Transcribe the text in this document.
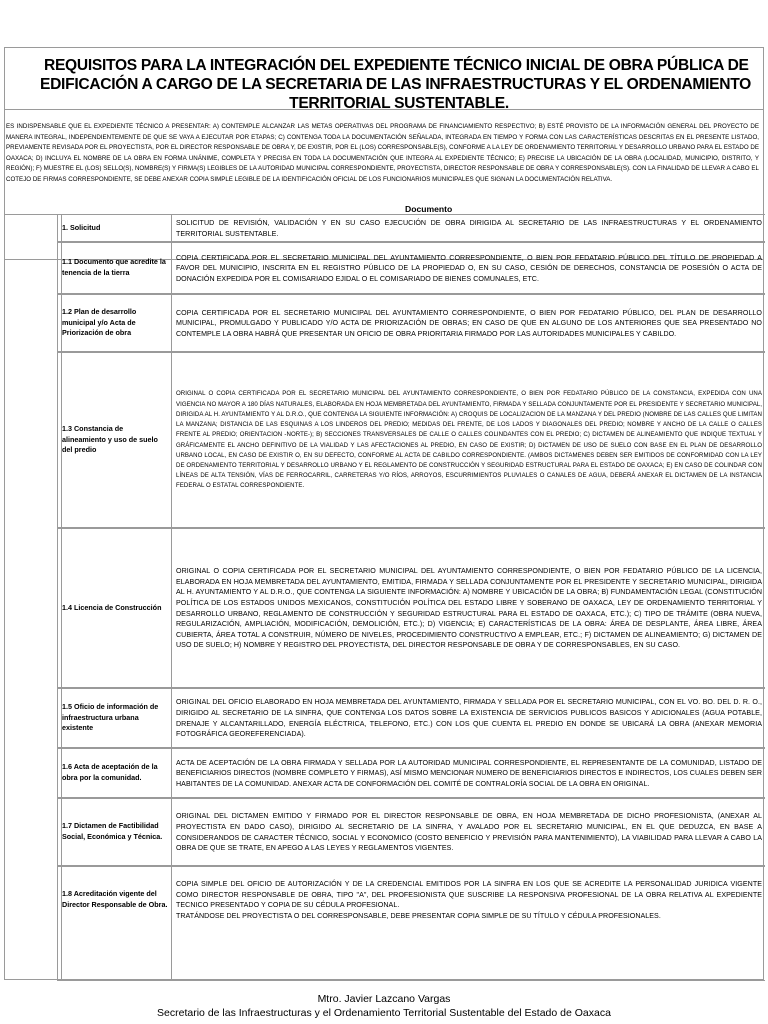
REQUISITOS PARA LA INTEGRACIÓN DEL EXPEDIENTE TÉCNICO INICIAL DE OBRA PÚBLICA DE
EDIFICACIÓN A CARGO DE LA SECRETARIA DE LAS INFRAESTRUCTURAS Y EL ORDENAMIENTO
TERRITORIAL SUSTENTABLE.
ES INDISPENSABLE QUE EL EXPEDIENTE TÉCNICO A PRESENTAR: A) CONTEMPLE ALCANZAR LAS METAS OPERATIVAS DEL PROGRAMA DE FINANCIAMIENTO RESPECTIVO; B) ESTÉ PROVISTO DE LA INFORMACIÓN GENERAL DEL PROYECTO DE MANERA INTEGRAL, INDEPENDIENTEMENTE DE QUE SE VAYA A EJECUTAR POR ETAPAS; C) CONTENGA TODA LA DOCUMENTACIÓN SEÑALADA, INTEGRADA EN TIEMPO Y FORMA CON LAS CARACTERÍSTICAS DESCRITAS EN EL PRESENTE LISTADO, PREVIAMENTE REVISADA POR EL PROYECTISTA, POR EL DIRECTOR RESPONSABLE DE OBRA Y, DE EXISTIR, POR EL (LOS) CORRESPONSABLE(S), CONFORME A LA LEY DE ORDENAMIENTO TERRITORIAL Y DESARROLLO URBANO PARA EL ESTADO DE OAXACA; D) INCLUYA EL NOMBRE DE LA OBRA EN FORMA UNÁNIME, COMPLETA Y PRECISA EN TODA LA DOCUMENTACIÓN QUE INTEGRA AL EXPEDIENTE TÉCNICO; E) PRECISE LA UBICACIÓN DE LA OBRA (LOCALIDAD, MUNICIPIO, DISTRITO, Y REGIÓN); F) MUESTRE EL (LOS) SELLO(S), NOMBRE(S) Y FIRMA(S) LEGIBLES DE LA AUTORIDAD MUNICIPAL CORRESPONDIENTE, PROYECTISTA, DIRECTOR RESPONSABLE DE OBRA Y CORRESPONSABLE(S). CON LA FINALIDAD DE LLEVAR A CABO EL COTEJO DE FIRMAS CORRESPONDIENTE, SE DEBE ANEXAR COPIA SIMPLE LEGIBLE DE LA IDENTIFICACIÓN OFICIAL DE LOS FUNCIONARIOS MUNICIPALES QUE SIGNAN LA DOCUMENTACIÓN RELATIVA.
Documento
1. Solicitud	SOLICITUD DE REVISIÓN, VALIDACIÓN Y EN SU CASO EJECUCIÓN DE OBRA DIRIGIDA AL SECRETARIO DE LAS INFRAESTRUCTURAS Y EL ORDENAMIENTO TERRITORIAL SUSTENTABLE.
1.1 Documento que acredite la tenencia de la tierra

COPIA CERTIFICADA POR EL SECRETARIO MUNICIPAL DEL AYUNTAMIENTO CORRESPONDIENTE, O BIEN POR FEDATARIO PÚBLICO DEL TÍTULO DE PROPIEDAD A FAVOR DEL MUNICIPIO, INSCRITA EN EL REGISTRO PÚBLICO DE LA PROPIEDAD O, EN SU CASO, CESIÓN DE DERECHOS, CONSTANCIA DE POSESIÓN O ACTA DE DONACIÓN EXPEDIDA POR EL COMISARIADO EJIDAL O EL COMISARIADO DE BIENES COMUNALES, ETC.

1.2 Plan de desarrollo municipal y/o Acta de Priorización de obra

COPIA CERTIFICADA POR EL SECRETARIO MUNICIPAL DEL AYUNTAMIENTO CORRESPONDIENTE, O BIEN POR FEDATARIO PÚBLICO, DEL PLAN DE DESARROLLO MUNICIPAL, PROMULGADO Y PUBLICADO Y/O ACTA DE PRIORIZACIÓN DE OBRAS; EN CASO DE QUE EN ALGUNO DE LOS ANTERIORES QUE SEA PRESENTADO NO CONTEMPLE LA OBRA HABRÁ QUE PRESENTAR UN OFICIO DE OBRA PRIORITARIA FIRMADO POR LAS AUTORIDADES MUNICIPALES Y CABILDO.

1.3 Constancia de alineamiento y uso de suelo del predio

ORIGINAL O COPIA CERTIFICADA POR EL SECRETARIO MUNICIPAL DEL AYUNTAMIENTO CORRESPONDIENTE, O BIEN POR FEDATARIO PÚBLICO DE LA CONSTANCIA, EXPEDIDA CON UNA VIGENCIA NO MAYOR A 180 DÍAS NATURALES, ELABORADA EN HOJA MEMBRETADA DEL AYUNTAMIENTO, FIRMADA Y SELLADA CONJUNTAMENTE POR EL PRESIDENTE Y SECRETARIO MUNICIPAL, DIRIGIDA AL H. AYUNTAMIENTO Y AL D.R.O., QUE CONTENGA LA SIGUIENTE INFORMACIÓN: A) CROQUIS DE LOCALIZACION DE LA MANZANA Y DEL PREDIO (NOMBRE DE LAS CALLES QUE LIMITAN LA MANZANA; DISTANCIA DE LAS ESQUINAS A LOS LINDEROS DEL PREDIO; MEDIDAS DEL FRENTE, DE LOS LADOS Y DIAGONALES DEL PREDIO; NOMBRE Y ANCHO DE LA CALLE O CALLES FRENTE AL PREDIO; ORIENTACION -NORTE-); B) SECCIONES TRANSVERSALES DE CALLE O CALLES COLINDANTES CON EL PREDIO; C) DICTAMEN DE ALINEAMIENTO QUE INDIQUE TEXTUAL Y GRÁFICAMENTE EL ANCHO DEFINITIVO DE LA VIALIDAD Y LAS AFECTACIONES AL PREDIO, EN CASO DE EXISTIR; D) DICTAMEN DE USO DE SUELO CON BASE EN EL PLAN DE DESARROLLO URBANO LOCAL, EN CASO DE EXISTIR O, EN SU DEFECTO, CONFORME AL ACTA DE CABILDO CORRESPONDIENTE. (AMBOS DICTAMENES DEBEN SER EMITIDOS DE CONFORMIDAD CON LA LEY DE ORDENAMIENTO TERRITORIAL Y DESARROLLO URBANO Y EL REGLAMENTO DE CONSTRUCCIÓN Y SEGURIDAD ESTRUCTURAL PARA EL ESTADO DE OAXACA; E) EN CASO DE COLINDAR CON LÍNEAS DE ALTA TENSIÓN, VÍAS DE FERROCARRIL, CARRETERAS Y/O RÍOS, ARROYOS, ESCURRIMIENTOS PLUVIALES O CANALES DE AGUA, DEBERÁ ANEXAR EL DICTAMEN DE LA INSTANCIA FEDERAL O ESTATAL CORRESPONDIENTE.

1.4 Licencia de Construcción

ORIGINAL O COPIA CERTIFICADA POR EL SECRETARIO MUNICIPAL DEL AYUNTAMIENTO CORRESPONDIENTE, O BIEN POR FEDATARIO PÚBLICO DE LA LICENCIA, ELABORADA EN HOJA MEMBRETADA DEL AYUNTAMIENTO, EMITIDA, FIRMADA Y SELLADA CONJUNTAMENTE POR EL PRESIDENTE Y SECRETARIO MUNICIPAL, DIRIGIDA AL H. AYUNTAMIENTO Y AL D.R.O., QUE CONTENGA LA SIGUIENTE INFORMACIÓN: A) NOMBRE Y UBICACIÓN DE LA OBRA; B) FUNDAMENTACIÓN LEGAL (CONSTITUCIÓN POLÍTICA DE LOS ESTADOS UNIDOS MEXICANOS, CONSTITUCIÓN POLÍTICA DEL ESTADO LIBRE Y SOBERANO DE OAXACA, LEY DE ORDENAMIENTO TERRITORIAL Y DESARROLLO URBANO, REGLAMENTO DE CONSTRUCCIÓN Y SEGURIDAD ESTRUCTURAL PARA EL ESTADO DE OAXACA, ETC.); C) TIPO DE TRÁMITE (OBRA NUEVA, REGULARIZACIÓN, AMPLIACIÓN, MODIFICACIÓN, DEMOLICIÓN, ETC.); D) VIGENCIA; E) CARACTERÍSTICAS DE LA OBRA: ÁREA DE DESPLANTE, ÁREA LIBRE, ÁREA CUBIERTA, ÁREA TOTAL A CONSTRUIR, NÚMERO DE NIVELES, PROCEDIMIENTO CONSTRUCTIVO A EMPLEAR, ETC.; F) DICTAMEN DE ALINEAMIENTO; G) DICTAMEN DE USO DE SUELO; H) NOMBRE Y REGISTRO DEL PROYECTISTA, DEL DIRECTOR RESPONSABLE DE OBRA Y DE CORRESPONSABLES, EN SU CASO.

1.5 Oficio de información de infraestructura urbana existente

ORIGINAL DEL OFICIO ELABORADO EN HOJA MEMBRETADA DEL AYUNTAMIENTO, FIRMADA Y SELLADA POR EL SECRETARIO MUNICIPAL, CON EL VO. BO. DEL D. R. O., DIRIGIDO AL SECRETARIO DE LA SINFRA, QUE CONTENGA LOS DATOS SOBRE LA EXISTENCIA DE SERVICIOS PUBLICOS BASICOS Y ADICIONALES (AGUA POTABLE, DRENAJE Y ALCANTARILLADO, ENERGÍA ELÉCTRICA, TELEFONO, ETC.) CON LOS QUE CUENTA EL PREDIO EN DONDE SE UBICARÁ LA OBRA (ANEXAR MEMORIA FOTOGRÁFICA GEOREFERENCIADA).

1.6 Acta de aceptación de la obra por la comunidad.

ACTA DE ACEPTACIÓN DE LA OBRA FIRMADA Y SELLADA POR LA AUTORIDAD MUNICIPAL CORRESPONDIENTE, EL REPRESENTANTE DE LA COMUNIDAD, LISTADO DE BENEFICIARIOS DIRECTOS (NOMBRE COMPLETO Y FIRMAS), ASÍ MISMO MENCIONAR NUMERO DE BENEFICIARIOS DIRECTOS E INDIRECTOS, LOS CUALES DEBEN SER HABITANTES DE LA COMUNIDAD. ANEXAR ACTA DE CONFORMACIÓN DEL COMITÉ DE CONTRALORÍA SOCIAL DE LA OBRA EN ORIGINAL.

1.7 Dictamen de Factibilidad Social, Económica y Técnica.

ORIGINAL DEL DICTAMEN EMITIDO Y FIRMADO POR EL DIRECTOR RESPONSABLE DE OBRA, EN HOJA MEMBRETADA DE DICHO PROFESIONISTA, (ANEXAR AL PROYECTISTA EN DADO CASO), DIRIGIDO AL SECRETARIO DE LA SINFRA, Y AVALADO POR EL SECRETARIO MUNICIPAL, EN EL QUE DEDUZCA, EN BASE A CONSIDERANDOS DE CARACTER TÉCNICO, SOCIAL Y ECONOMICO (COSTO BENEFICIO Y PREVISIÓN PARA MANTENIMIENTO), LA VIABILIDAD PARA LLEVAR A CABO LA OBRA DE QUE SE TRATE, EN APEGO A LAS LEYES Y REGLAMENTOS VIGENTES.

1.8 Acreditación vigente del Director Responsable de Obra.

COPIA SIMPLE DEL OFICIO DE AUTORIZACIÓN Y DE LA CREDENCIAL EMITIDOS POR LA SINFRA EN LOS QUE SE ACREDITE LA PERSONALIDAD JURIDICA VIGENTE COMO DIRECTOR RESPONSABLE DE OBRA, TIPO "A", DEL PROFESIONISTA QUE SUSCRIBE LA RESPONSIVA PROFESIONAL DE LA OBRA RELATIVA AL EXPEDIENTE TECNICO PRESENTADO Y COPIA DE SU CÉDULA PROFESIONAL.

TRATÁNDOSE DEL PROYECTISTA O DEL CORRESPONSABLE, DEBE PRESENTAR COPIA SIMPLE DE SU TÍTULO Y CÉDULA PROFESIONALES.

Mtro. Javier Lazcano Vargas
Secretario de las Infraestructuras y el Ordenamiento Territorial Sustentable del Estado de Oaxaca
